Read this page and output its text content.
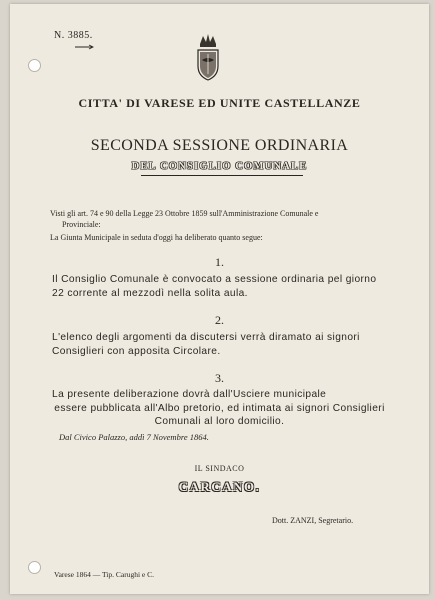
N. 3885.
CITTA' DI VARESE ED UNITE CASTELLANZE
SECONDA SESSIONE ORDINARIA
DEL CONSIGLIO COMUNALE
Visti gli art. 74 e 90 della Legge 23 Ottobre 1859 sull'Amministrazione Comunale e
Provinciale:
La Giunta Municipale in seduta d'oggi ha deliberato quanto segue:
1.
Il Consiglio Comunale è convocato a sessione ordinaria pel giorno 22 corrente al mezzodì nella solita aula.
2.
L'elenco degli argomenti da discutersi verrà diramato ai signori Consiglieri con apposita Circolare.
3.
La presente deliberazione dovrà dall'Usciere municipale
essere pubblicata all'Albo pretorio, ed intimata ai signori Consiglieri Comunali al loro domicilio.
Dal Civico Palazzo, addì 7 Novembre 1864.
IL SINDACO
CARCANO.
Dott. ZANZI, Segretario.
Varese 1864 — Tip. Carughi e C.
